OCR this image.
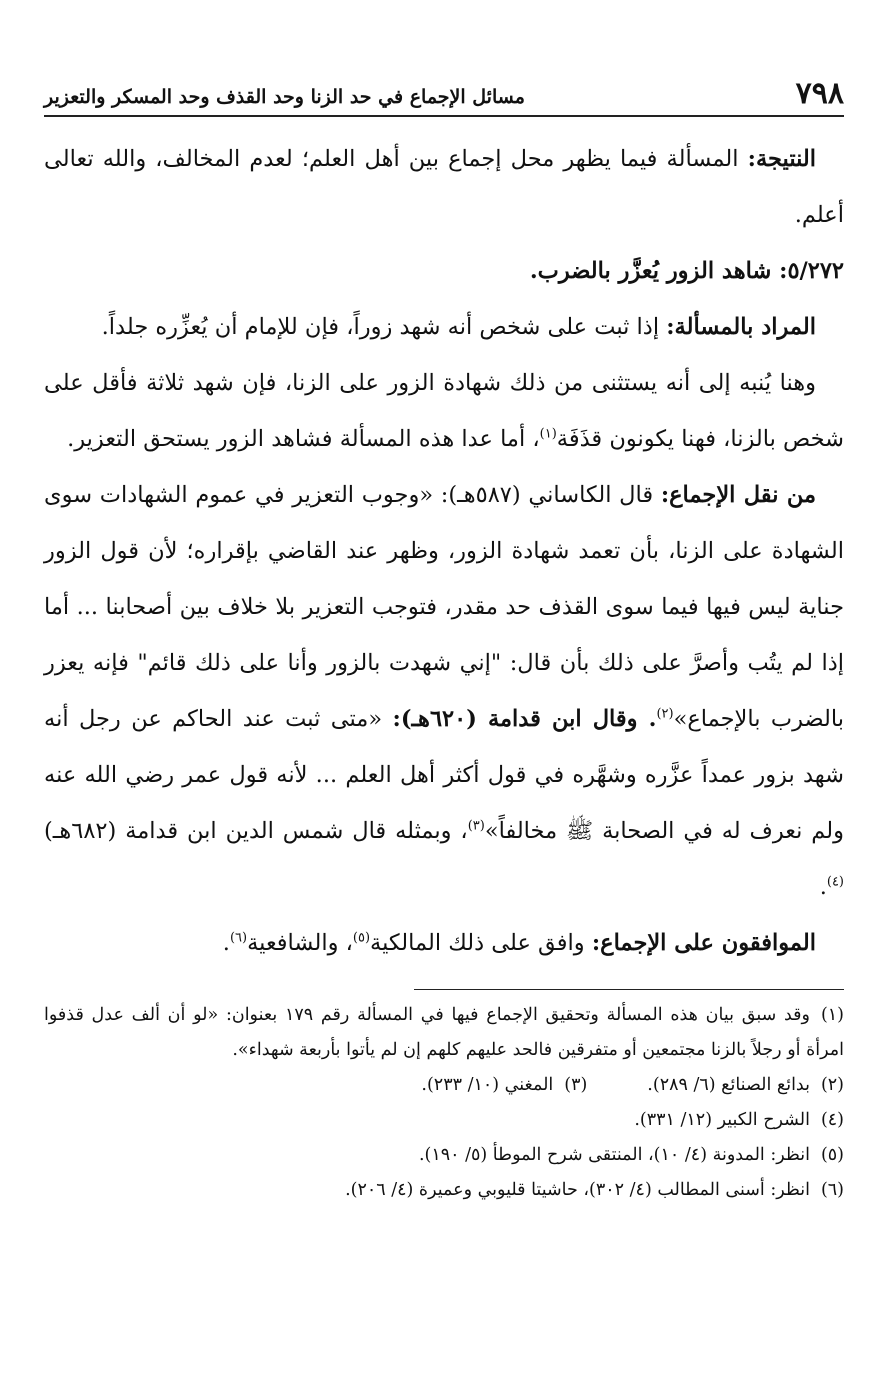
٧٩٨
مسائل الإجماع في حد الزنا وحد القذف وحد المسكر والتعزير

النتيجة: المسألة فيما يظهر محل إجماع بين أهل العلم؛ لعدم المخالف، والله تعالى أعلم.

٥/٢٧٢: شاهد الزور يُعزَّر بالضرب.

المراد بالمسألة: إذا ثبت على شخص أنه شهد زوراً، فإن للإمام أن يُعزِّره جلداً.

وهنا يُنبه إلى أنه يستثنى من ذلك شهادة الزور على الزنا، فإن شهد ثلاثة فأقل على شخص بالزنا، فهنا يكونون قذَفَة$^{(١)}$، أما عدا هذه المسألة فشاهد الزور يستحق التعزير.

من نقل الإجماع: قال الكاساني (٥٨٧هـ): «وجوب التعزير في عموم الشهادات سوى الشهادة على الزنا، بأن تعمد شهادة الزور، وظهر عند القاضي بإقراره؛ لأن قول الزور جناية ليس فيها فيما سوى القذف حد مقدر، فتوجب التعزير بلا خلاف بين أصحابنا ... أما إذا لم يتُب وأصرَّ على ذلك بأن قال: "إني شهدت بالزور وأنا على ذلك قائم" فإنه يعزر بالضرب بالإجماع»$^{(٢)}$. وقال ابن قدامة (٦٢٠هـ): «متى ثبت عند الحاكم عن رجل أنه شهد بزور عمداً عزَّره وشهَّره في قول أكثر أهل العلم ... لأنه قول عمر رضي الله عنه ولم نعرف له في الصحابة ﷺ مخالفاً»$^{(٣)}$، وبمثله قال شمس الدين ابن قدامة (٦٨٢هـ)$^{(٤)}$.

الموافقون على الإجماع: وافق على ذلك المالكية$^{(٥)}$، والشافعية$^{(٦)}$.

(١)وقد سبق بيان هذه المسألة وتحقيق الإجماع فيها في المسألة رقم ١٧٩ بعنوان: «لو أن ألف عدل قذفوا امرأة أو رجلاً بالزنا مجتمعين أو متفرقين فالحد عليهم كلهم إن لم يأتوا بأربعة شهداء».

(٢)بدائع الصنائع (٦/ ٢٨٩).

(٣)المغني (١٠/ ٢٣٣).

(٤)الشرح الكبير (١٢/ ٣٣١).

(٥)انظر: المدونة (٤/ ١٠)، المنتقى شرح الموطأ (٥/ ١٩٠).

(٦)انظر: أسنى المطالب (٤/ ٣٠٢)، حاشيتا قليوبي وعميرة (٤/ ٢٠٦).
